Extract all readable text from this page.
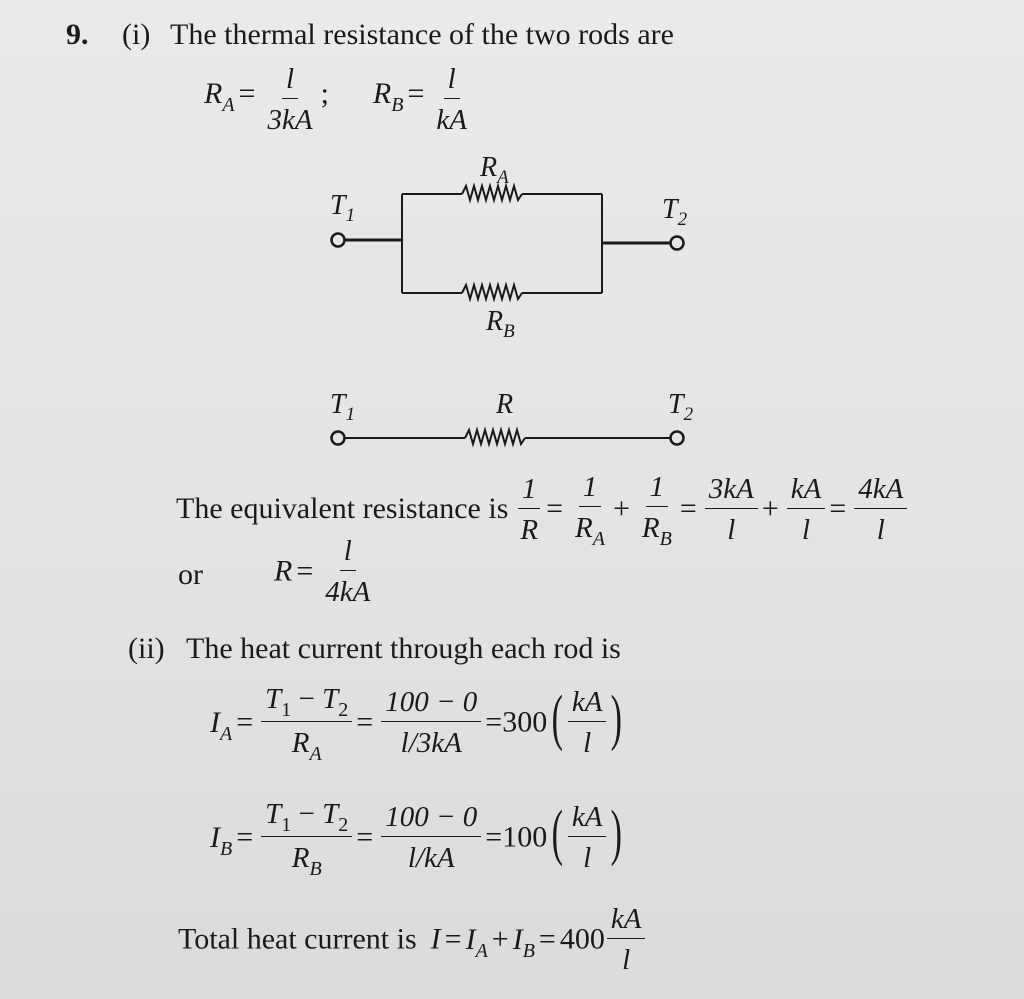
9. (i) The thermal resistance of the two rods are
RA = $\frac{l}{3kA}$ ; RB = $\frac{l}{kA}$
$T_1$	$T_2$
$R_A$
$R_B$
$T_1$	$T_2$
R
The equivalent resistance is $\frac{1}{R} = \frac{1}{R_A} + \frac{1}{R_B} = \frac{3kA}{l} + \frac{kA}{l} = \frac{4kA}{l}$
or $R = \frac{l}{4kA}$
(ii) The heat current through each rod is
$I_A = \frac{T_1 - T_2}{R_A} = \frac{100 - 0}{l/3kA} =300( \frac{kA}{l}$ )
$I_B = \frac{T_1 - T_2}{R_B} = \frac{100 - 0}{l/kA} =100( \frac{kA}{l}$ )
Total heat current is $I = I_A + I_B = 400 \frac{kA}{l}$
